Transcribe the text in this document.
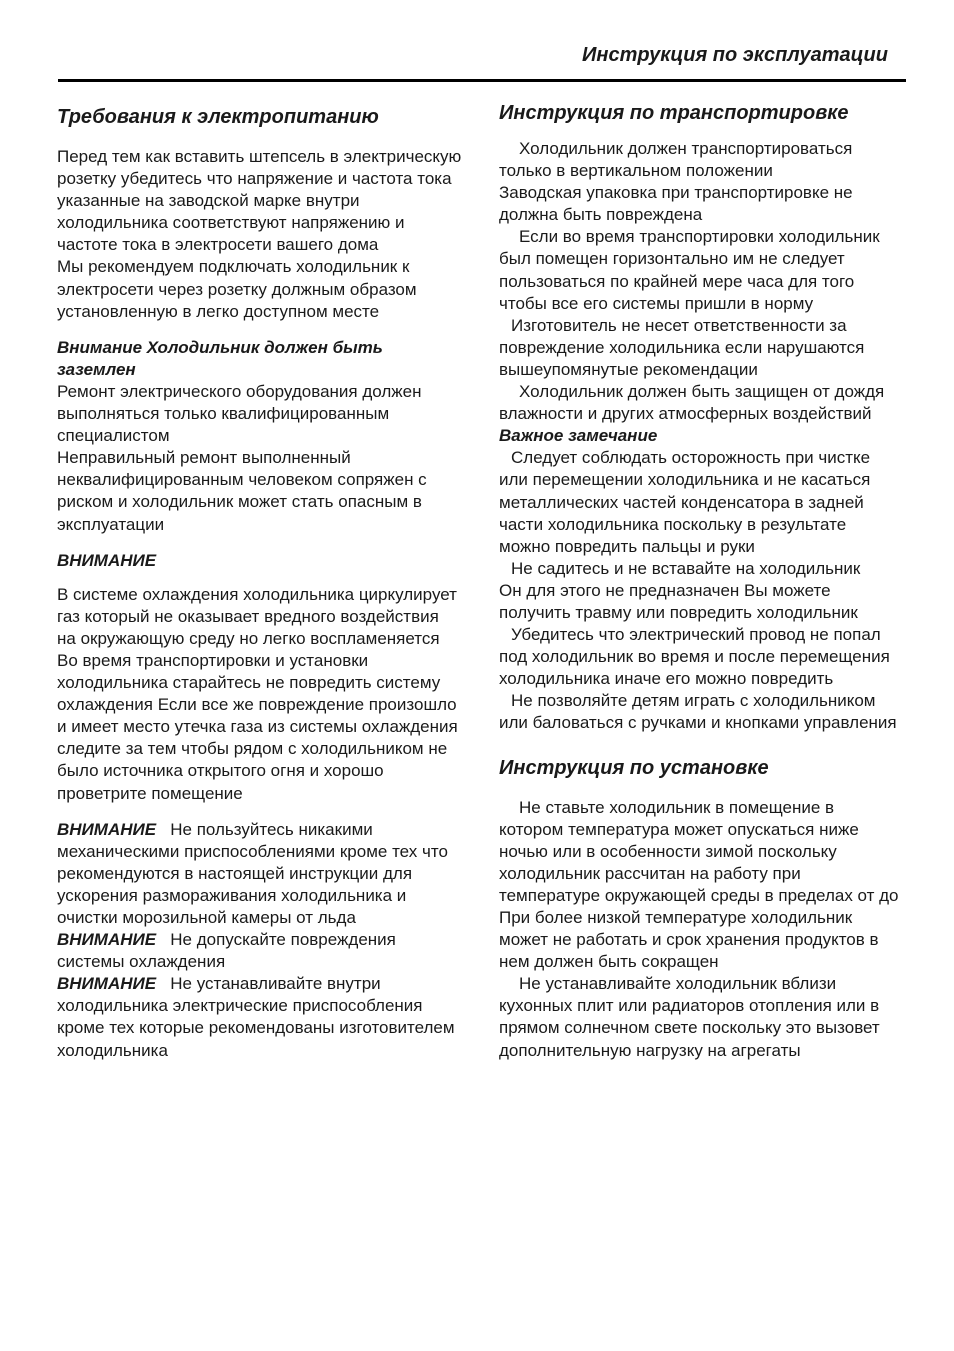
Инструкция по эксплуатации
Требования к электропитанию

Перед тем как вставить штепсель в электрическую розетку убедитесь что напряжение и частота тока указанные на заводской марке внутри холодильника соответствуют напряжению и частоте тока в электросети вашего дома

Мы рекомендуем подключать холодильник к электросети через розетку должным образом установленную в легко доступном месте

Внимание Холодильник должен быть заземлен

Ремонт электрического оборудования должен выполняться только квалифицированным специалистом

Неправильный ремонт выполненный неквалифицированным человеком сопряжен с риском и холодильник может стать опасным в эксплуатации

ВНИМАНИЕ

В системе охлаждения холодильника циркулирует газ который не оказывает вредного воздействия на окружающую среду но легко воспламеняется Во время транспортировки и установки холодильника старайтесь не повредить систему охлаждения Если все же повреждение произошло и имеет место утечка газа из системы охлаждения следите за тем чтобы рядом с холодильником не было источника открытого огня и хорошо проветрите помещение

ВНИМАНИЕ Не пользуйтесь никакими механическими приспособлениями кроме тех что рекомендуются в настоящей инструкции для ускорения размораживания холодильника и очистки морозильной камеры от льда

ВНИМАНИЕ Не допускайте повреждения системы охлаждения

ВНИМАНИЕ Не устанавливайте внутри холодильника электрические приспособления кроме тех которые рекомендованы изготовителем холодильника

Инструкция по транспортировке

Холодильник должен транспортироваться только в вертикальном положении

Заводская упаковка при транспортировке не должна быть повреждена

Если во время транспортировки холодильник был помещен горизонтально им не следует пользоваться по крайней мере часа для того чтобы все его системы пришли в норму

Изготовитель не несет ответственности за повреждение холодильника если нарушаются вышеупомянутые рекомендации

Холодильник должен быть защищен от дождя влажности и других атмосферных воздействий

Важное замечание

Следует соблюдать осторожность при чистке или перемещении холодильника и не касаться металлических частей конденсатора в задней части холодильника поскольку в результате можно повредить пальцы и руки

Не садитесь и не вставайте на холодильник

Он для этого не предназначен Вы можете получить травму или повредить холодильник

Убедитесь что электрический провод не попал под холодильник во время и после перемещения холодильника иначе его можно повредить

Не позволяйте детям играть с холодильником или баловаться с ручками и кнопками управления

Инструкция по установке

Не ставьте холодильник в помещение в котором температура может опускаться ниже ночью или в особенности зимой поскольку холодильник рассчитан на работу при температуре окружающей среды в пределах от до При более низкой температуре холодильник может не работать и срок хранения продуктов в нем должен быть сокращен

Не устанавливайте холодильник вблизи кухонных плит или радиаторов отопления или в прямом солнечном свете поскольку это вызовет дополнительную нагрузку на агрегаты
